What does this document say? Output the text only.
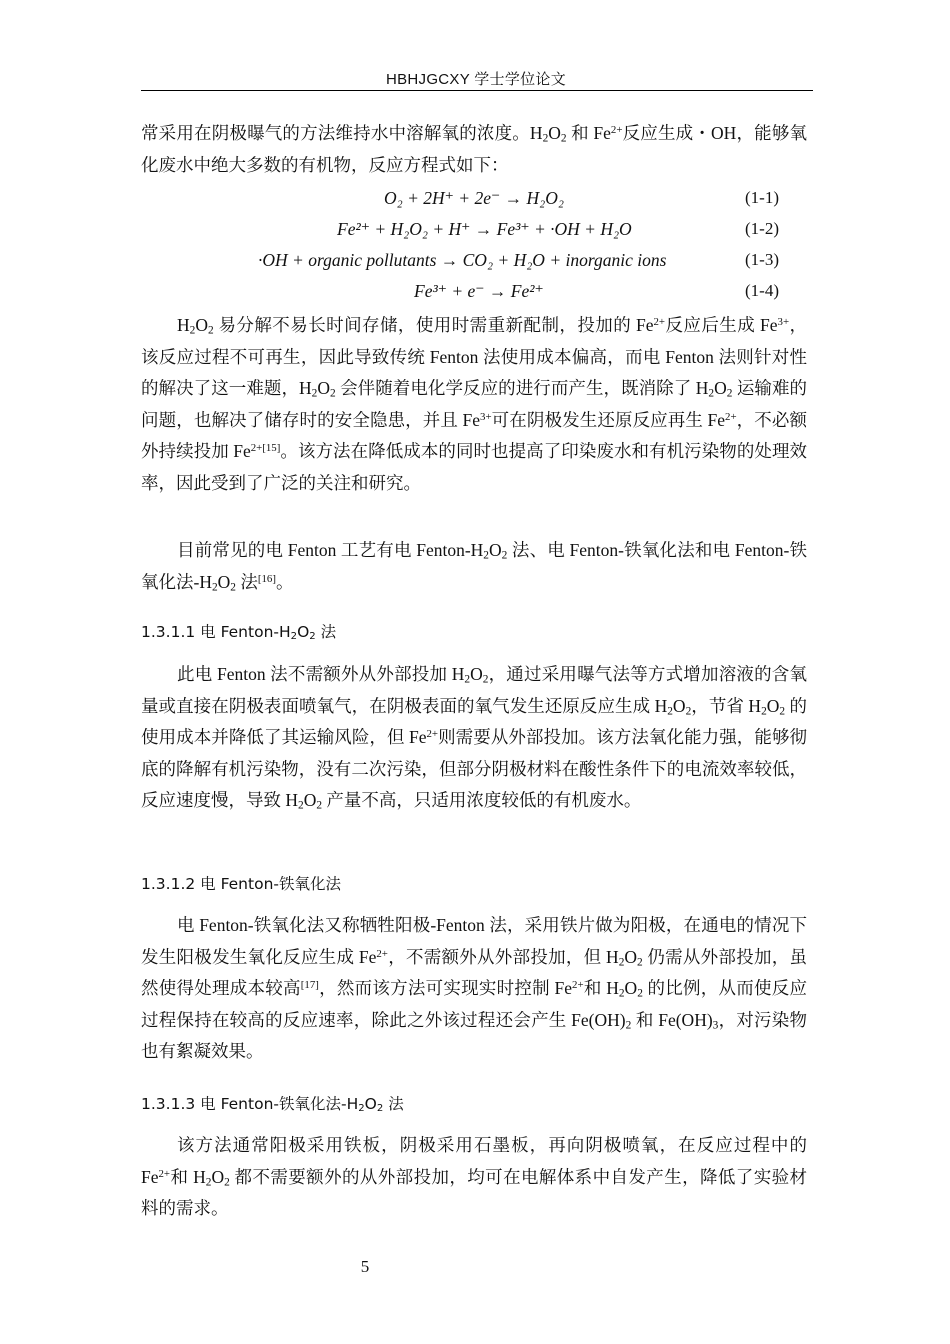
HBHJGCXY 学士学位论文

常采用在阴极曝气的方法维持水中溶解氧的浓度。$H_2O_2$ 和 $Fe^{2+}$反应生成・OH，能够氧化废水中绝大多数的有机物，反应方程式如下：

O₂ + 2H⁺ + 2e⁻ → H₂O₂	(1-1)
Fe²⁺ + H₂O₂ + H⁺ → Fe³⁺ + ·OH + H₂O	(1-2)
·OH + organic pollutants → CO₂ + H₂O + inorganic ions	(1-3)
Fe³⁺ + e⁻ → Fe²⁺	(1-4)

$H_2O_2$ 易分解不易长时间存储，使用时需重新配制，投加的 $Fe^{2+}$反应后生成 $Fe^{3+}$，该反应过程不可再生，因此导致传统 Fenton 法使用成本偏高，而电 Fenton 法则针对性的解决了这一难题，$H_2O_2$ 会伴随着电化学反应的进行而产生，既消除了 $H_2O_2$ 运输难的问题，也解决了储存时的安全隐患，并且 $Fe^{3+}$可在阴极发生还原反应再生 $Fe^{2+}$，不必额外持续投加 $Fe^{2+[15]}$。该方法在降低成本的同时也提高了印染废水和有机污染物的处理效率，因此受到了广泛的关注和研究。

目前常见的电 Fenton 工艺有电 Fenton-$H_2O_2$ 法、电 Fenton-铁氧化法和电 Fenton-铁氧化法$-H_2O_2$ 法[16]。

1.3.1.1 电 Fenton-$H_2O_2$ 法

此电 Fenton 法不需额外从外部投加 $H_2O_2$，通过采用曝气法等方式增加溶液的含氧量或直接在阴极表面喷氧气，在阴极表面的氧气发生还原反应生成 $H_2O_2$，节省 $H_2O_2$ 的使用成本并降低了其运输风险，但 $Fe^{2+}$则需要从外部投加。该方法氧化能力强，能够彻底的降解有机污染物，没有二次污染，但部分阴极材料在酸性条件下的电流效率较低，反应速度慢，导致 $H_2O_2$ 产量不高，只适用浓度较低的有机废水。

1.3.1.2 电 Fenton-铁氧化法

电 Fenton-铁氧化法又称牺牲阳极-Fenton 法，采用铁片做为阳极，在通电的情况下发生阳极发生氧化反应生成 $Fe^{2+}$，不需额外从外部投加，但 $H_2O_2$ 仍需从外部投加，虽然使得处理成本较高[17]，然而该方法可实现实时控制 $Fe^{2+}$和 $H_2O_2$ 的比例，从而使反应过程保持在较高的反应速率，除此之外该过程还会产生 $Fe(OH)_2$ 和 $Fe(OH)_3$，对污染物也有絮凝效果。

1.3.1.3 电 Fenton-铁氧化法$-H_2O_2$ 法

该方法通常阳极采用铁板，阴极采用石墨板，再向阴极喷氧，在反应过程中的 $Fe^{2+}$和 $H_2O_2$ 都不需要额外的从外部投加，均可在电解体系中自发产生，降低了实验材料的需求。

5
